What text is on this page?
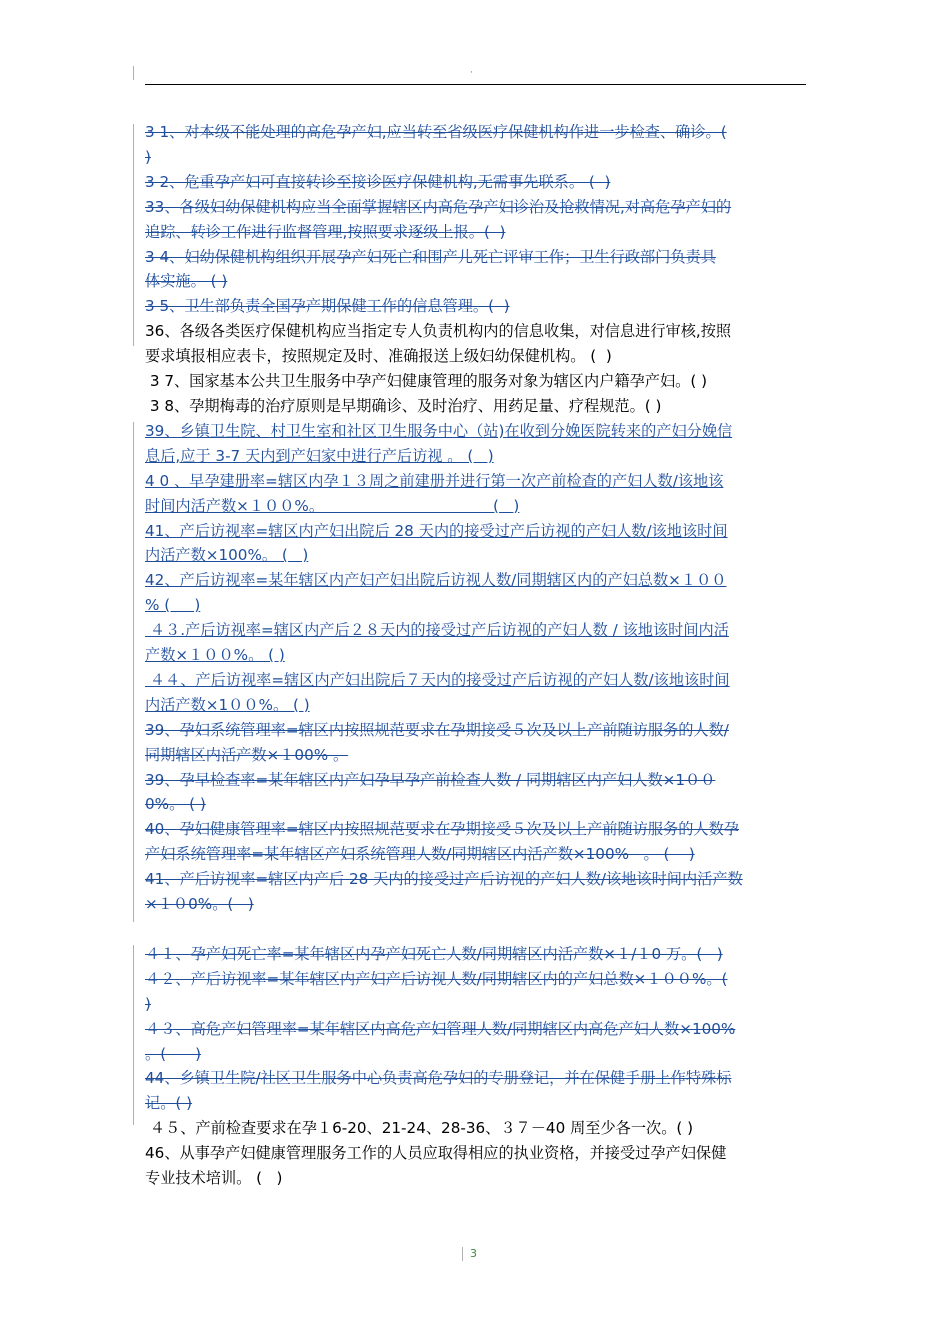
·
3 1、对本级不能处理的高危孕产妇,应当转至省级医疗保健机构作进一步检查、确诊。(
)
3 2、危重孕产妇可直接转诊至接诊医疗保健机构,无需事先联系。 (  )
33、各级妇幼保健机构应当全面掌握辖区内高危孕产妇诊治及抢救情况,对高危孕产妇的
追踪、转诊工作进行监督管理,按照要求逐级上报。(  )
3 4、妇幼保健机构组织开展孕产妇死亡和围产儿死亡评审工作；卫生行政部门负责具
体实施。 ( )
3 5、卫生部负责全国孕产期保健工作的信息管理。(  )
36、各级各类医疗保健机构应当指定专人负责机构内的信息收集，对信息进行审核,按照
要求填报相应表卡，按照规定及时、准确报送上级妇幼保健机构。 (  )
3 7、国家基本公共卫生服务中孕产妇健康管理的服务对象为辖区内户籍孕产妇。( )
3 8、孕期梅毒的治疗原则是早期确诊、及时治疗、用药足量、疗程规范。( )
39、乡镇卫生院、村卫生室和社区卫生服务中心（站)在收到分娩医院转来的产妇分娩信
息后,应于 3-7 天内到产妇家中进行产后访视 。 (   )
4 0 、早孕建册率=辖区内孕１３周之前建册并进行第一次产前检查的产妇人数/该地该
时间内活产数×１００%。                                   (   )
41、产后访视率=辖区内产妇出院后 28 天内的接受过产后访视的产妇人数/该地该时间
内活产数×100%。 (   )
42、产后访视率=某年辖区内产妇产妇出院后访视人数/同期辖区内的产妇总数×１００
% (     )
４３.产后访视率=辖区内产后２８天内的接受过产后访视的产妇人数 / 该地该时间内活
产数×１００%。 ( )
４４、产后访视率=辖区内产妇出院后７天内的接受过产后访视的产妇人数/该地该时间
内活产数×1００%。 ( )
39、孕妇系统管理率=辖区内按照规范要求在孕期接受５次及以上产前随访服务的人数/
同期辖区内活产数×１00% 。
39、孕早检查率=某年辖区内产妇孕早孕产前检查人数 / 同期辖区内产妇人数×1００
0%。 ( )
40、孕妇健康管理率=辖区内按照规范要求在孕期接受５次及以上产前随访服务的人数孕
产妇系统管理率=某年辖区产妇系统管理人数/同期辖区内活产数×100%   。 (    )
41、产后访视率=辖区内产后 28 天内的接受过产后访视的产妇人数/该地该时间内活产数
×１０0%。(   )
４１、孕产妇死亡率=某年辖区内孕产妇死亡人数/同期辖区内活产数×１/１0 万。(   )
４２、产后访视率=某年辖区内产妇产后访视人数/同期辖区内的产妇总数×１００%。(
)
４３、高危产妇管理率=某年辖区内高危产妇管理人数/同期辖区内高危产妇人数×100%
。(      )
44、乡镇卫生院/社区卫生服务中心负责高危孕妇的专册登记，并在保健手册上作特殊标
记。( )
４５、产前检查要求在孕１6-20、21-24、28-36、３７－40 周至少各一次。( )
46、从事孕产妇健康管理服务工作的人员应取得相应的执业资格，并接受过孕产妇保健
专业技术培训。 (   )
3
